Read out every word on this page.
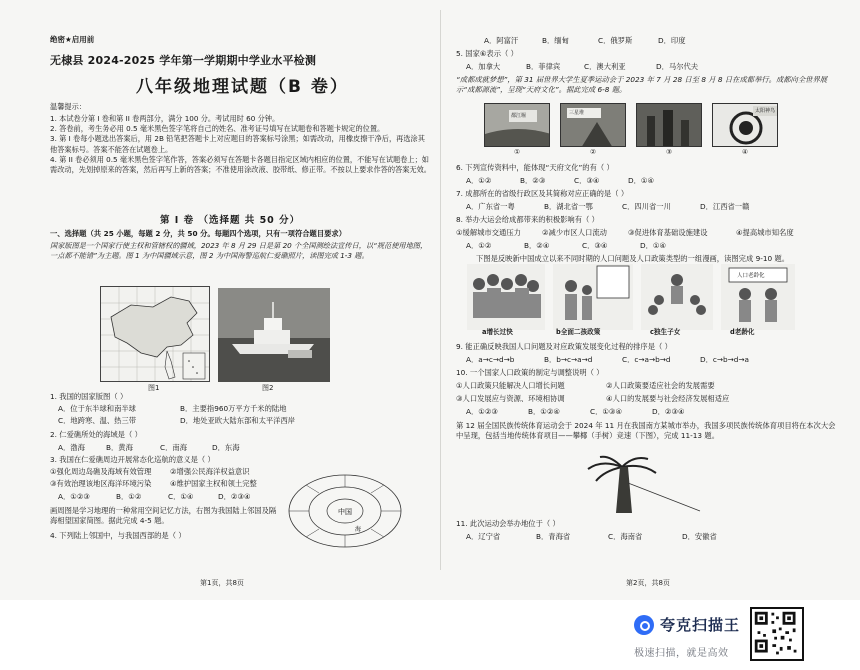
绝密★启用前
无棣县 2024-2025 学年第一学期期中学业水平检测
八年级地理试题（B 卷）
温馨提示：

1. 本试卷分第 I 卷和第 II 卷两部分，满分 100 分。考试用时 60 分钟。

2. 答卷前，考生务必用 0.5 毫米黑色签字笔将自己的姓名、准考证号填写在试题卷和答题卡规定的位置。

3. 第 I 卷每小题选出答案后，用 2B 铅笔把答题卡上对应题目的答案标号涂黑；如需改动，用橡皮擦干净后，再选涂其他答案标号。答案不能答在试题卷上。

4. 第 II 卷必须用 0.5 毫米黑色签字笔作答，答案必须写在答题卡各题目指定区域内相应的位置，不能写在试题卷上；如需改动，先划掉原来的答案，然后再写上新的答案；不准使用涂改液、胶带纸、修正带。不按以上要求作答的答案无效。

第 I 卷 （选择题 共 50 分）
一、选择题（共 25 小题，每题 2 分，共 50 分。每题四个选项，只有一项符合题目要求）
国家版图是一个国家行使主权和管辖权的疆域，2023 年 8 月 29 日是第 20 个全国测绘法宣传日，以“规范使用地图，一点都不能错”为主题。图 1 为中国疆域示意，图 2 为中国海警巡航仁爱礁照片，读图完成 1-3 题。
图1	图2
1. 我国的国家版图（ ）
A．位于东半球和南半球	B．主要指960万平方千米的陆地
C．地跨寒、温、热三带	D．地处亚欧大陆东部和太平洋西岸
2. 仁爱礁所处的海域是（ ）
A．渤海	B．黄海	C．南海	D．东海
3. 我国在仁爱礁周边开展常态化巡航的意义是（ ）
①强化周边岛礁及海域有效管理	②增强公民海洋权益意识
③有效治理该地区海洋环境污染	④维护国家主权和领土完整
A．①②③	B．①②	C．①④	D．②③④
画周图是学习地理的一种常用空间记忆方法，右图为我国陆上邻国及隔海相望国家简图。据此完成 4-5 题。
4. 下列陆上邻国中，与我国西部的是（ ）
中国
海
第1页，共8页
A．阿富汗	B．缅甸	C．俄罗斯	D．印度
5. 国家⑥表示（ ）
A．加拿大	B．菲律宾	C．澳大利亚	D．马尔代夫
“成都成就梦想”，第 31 届世界大学生夏季运动会于 2023 年 7 月 28 日至 8 月 8 日在成都举行。成都向全世界展示“成都源流”，呈现“天府文化”。据此完成 6-8 题。
都江堰	三星堆	太阳神鸟
①	②	③	④
6. 下列宣传资料中，能体现“天府文化”的有（ ）
A．①②	B．②③	C．③④	D．①④
7. 成都所在的省级行政区及其简称对应正确的是（ ）
A．广东省一粤	B．湖北省一鄂	C．四川省一川	D．江西省一赣
8. 举办大运会给成都带来的积极影响有（ ）
①缓解城市交通压力	②减少市区人口流动	③促进体育基础设施建设	④提高城市知名度
A．①②	B．②④	C．③④	D．①④
下图是反映新中国成立以来不同时期的人口问题及人口政策类型的一组漫画，读图完成 9-10 题。
人口老龄化
a增长过快	b全面二孩政策	c独生子女	d老龄化
9. 能正确反映我国人口问题及对应政策发展变化过程的排序是（ ）
A．a→c→d→b	B．b→c→a→d	C．c→a→b→d	D．c→b→d→a
10. 一个国家人口政策的制定与调整说明（ ）
①人口政策只能解决人口增长问题	②人口政策要适应社会的发展需要
③人口发展应与资源、环境相协调	④人口的发展要与社会经济发展相适应
A．①②③	B．①②④	C．①③④	D．②③④
第 12 届全国民族传统体育运动会于 2024 年 11 月在我国南方某城市举办，我国多项民族传统体育项目将在本次大会中呈现，包括当地传统体育项目——攀椰（手树）竞速（下图），完成 11-13 题。
11. 此次运动会举办地位于（ ）
A．辽宁省	B．青海省	C．海南省	D．安徽省
第2页，共8页
夸克扫描王
极速扫描，就是高效
